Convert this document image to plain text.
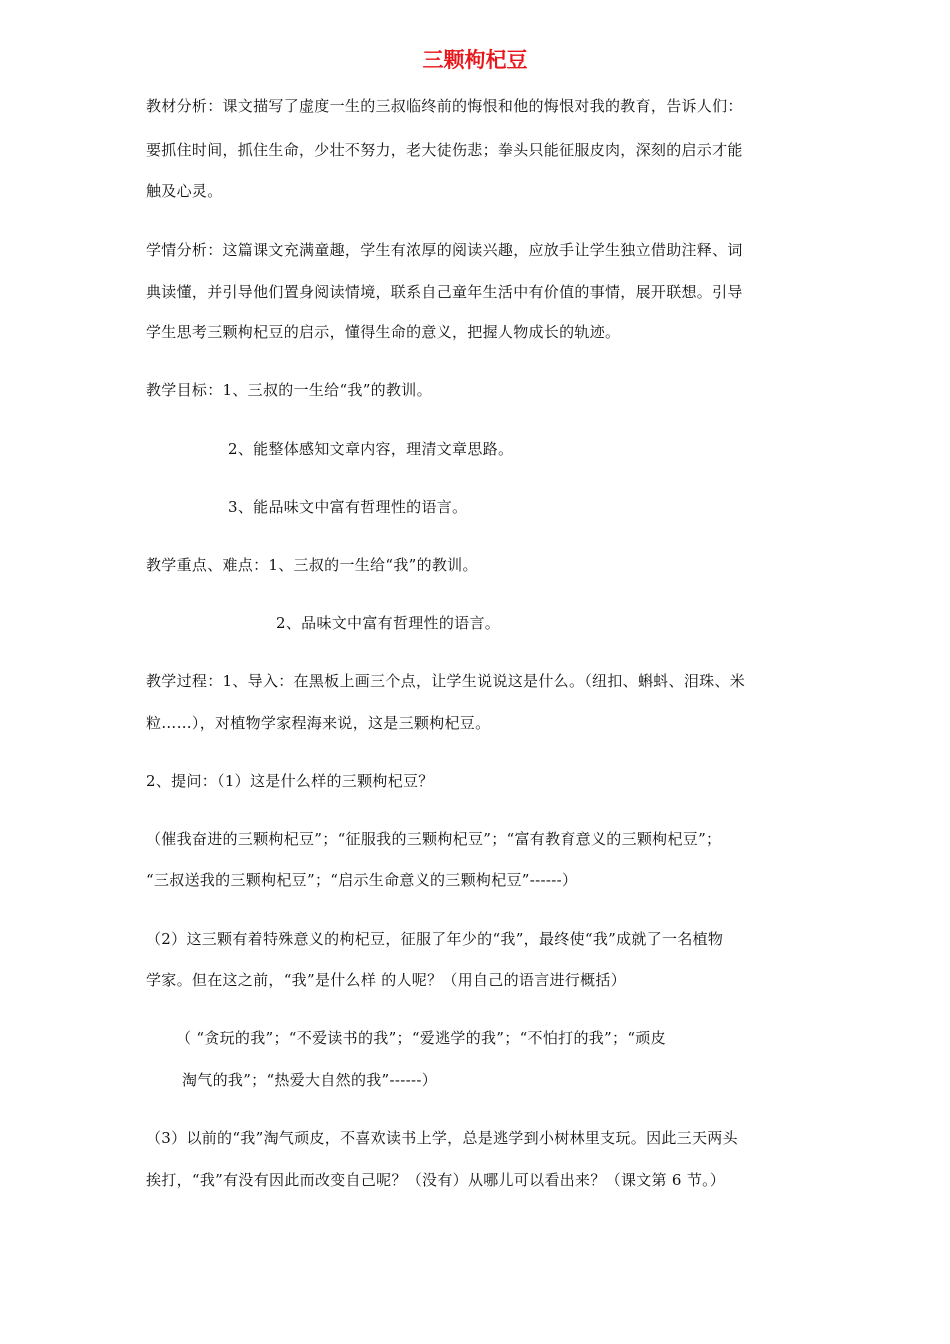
三颗枸杞豆
教材分析：课文描写了虚度一生的三叔临终前的悔恨和他的悔恨对我的教育，告诉人们：
要抓住时间，抓住生命，少壮不努力，老大徒伤悲；拳头只能征服皮肉，深刻的启示才能
触及心灵。
学情分析：这篇课文充满童趣，学生有浓厚的阅读兴趣，应放手让学生独立借助注释、词
典读懂，并引导他们置身阅读情境，联系自己童年生活中有价值的事情，展开联想。引导
学生思考三颗枸杞豆的启示，懂得生命的意义，把握人物成长的轨迹。
教学目标：1、三叔的一生给“我”的教训。
2、能整体感知文章内容，理清文章思路。
3、能品味文中富有哲理性的语言。
教学重点、难点：1、三叔的一生给“我”的教训。
2、品味文中富有哲理性的语言。
教学过程：1、导入：在黑板上画三个点，让学生说说这是什么。（纽扣、蝌蚪、泪珠、米
粒……），对植物学家程海来说，这是三颗枸杞豆。
2、提问：（1）这是什么样的三颗枸杞豆？
（催我奋进的三颗枸杞豆”；“征服我的三颗枸杞豆”；“富有教育意义的三颗枸杞豆”；
“三叔送我的三颗枸杞豆”；“启示生命意义的三颗枸杞豆”------）
（2）这三颗有着特殊意义的枸杞豆，征服了年少的“我”，最终使“我”成就了一名植物
学家。但在这之前，“我”是什么样 的人呢？（用自己的语言进行概括）
（ “贪玩的我”；“不爱读书的我”；“爱逃学的我”；“不怕打的我”；“顽皮
淘气的我”；“热爱大自然的我”------）
（3）以前的“我”淘气顽皮，不喜欢读书上学，总是逃学到小树林里支玩。因此三天两头
挨打，“我”有没有因此而改变自己呢？（没有）从哪儿可以看出来？（课文第 6 节。）
